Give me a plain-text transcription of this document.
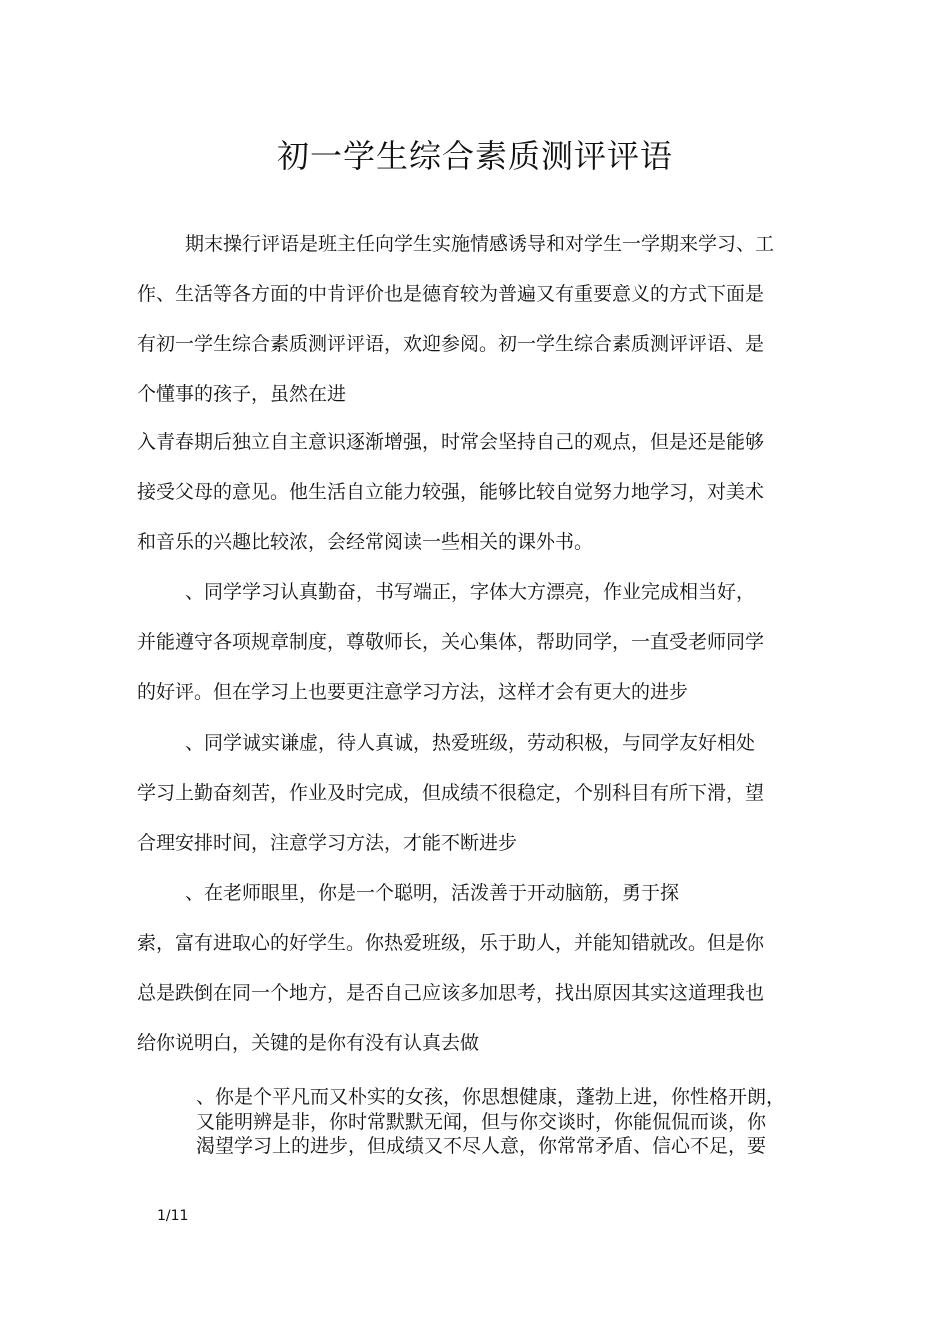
初一学生综合素质测评评语
期末操行评语是班主任向学生实施情感诱导和对学生一学期来学习、工
作、生活等各方面的中肯评价也是德育较为普遍又有重要意义的方式下面是
有初一学生综合素质测评评语，欢迎参阅。初一学生综合素质测评评语、是
个懂事的孩子，虽然在进
入青春期后独立自主意识逐渐增强，时常会坚持自己的观点，但是还是能够
接受父母的意见。他生活自立能力较强，能够比较自觉努力地学习，对美术
和音乐的兴趣比较浓，会经常阅读一些相关的课外书。
、同学学习认真勤奋，书写端正，字体大方漂亮，作业完成相当好，
并能遵守各项规章制度，尊敬师长，关心集体，帮助同学，一直受老师同学
的好评。但在学习上也要更注意学习方法，这样才会有更大的进步
、同学诚实谦虚，待人真诚，热爱班级，劳动积极，与同学友好相处
学习上勤奋刻苦，作业及时完成，但成绩不很稳定，个别科目有所下滑，望
合理安排时间，注意学习方法，才能不断进步
、在老师眼里，你是一个聪明，活泼善于开动脑筋，勇于探
索，富有进取心的好学生。你热爱班级，乐于助人，并能知错就改。但是你
总是跌倒在同一个地方，是否自己应该多加思考，找出原因其实这道理我也
给你说明白，关键的是你有没有认真去做
、你是个平凡而又朴实的女孩，你思想健康，蓬勃上进，你性格开朗，
又能明辨是非，你时常默默无闻，但与你交谈时，你能侃侃而谈，你
渴望学习上的进步，但成绩又不尽人意，你常常矛盾、信心不足，要
1/11
